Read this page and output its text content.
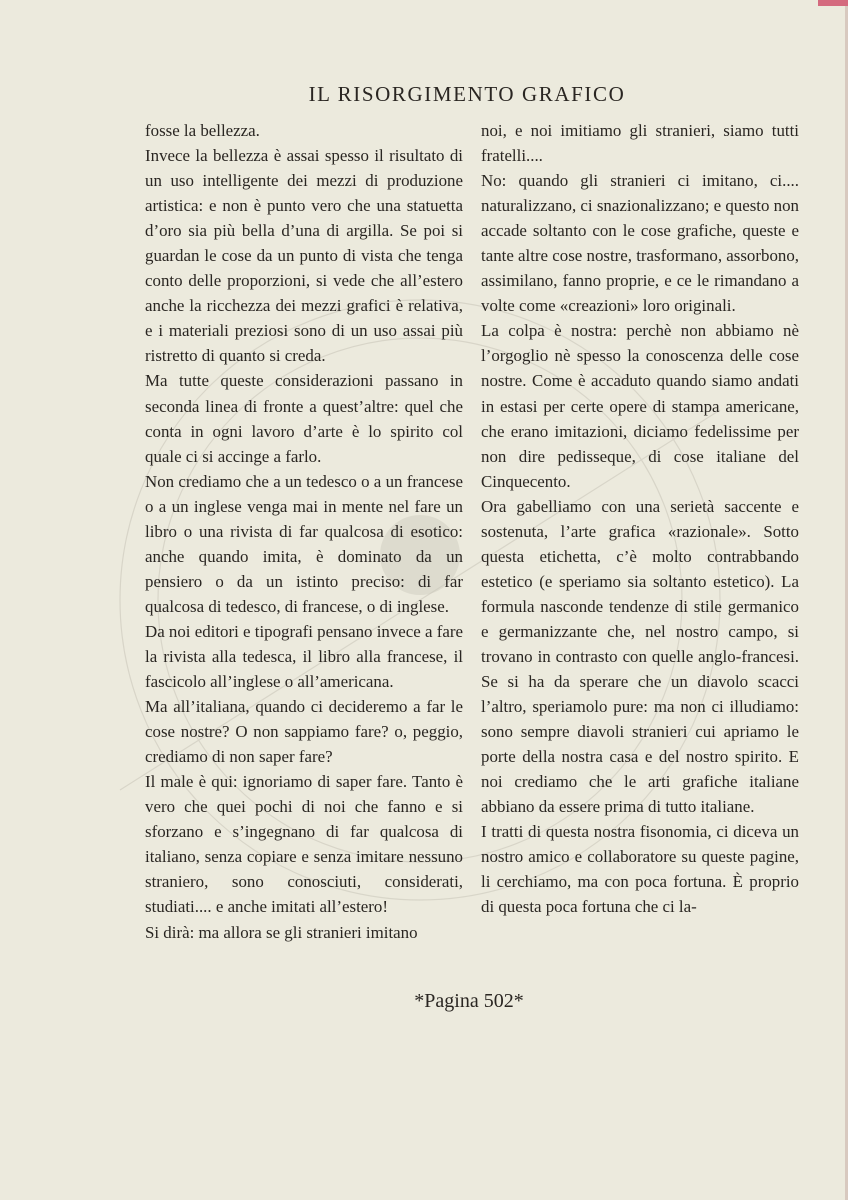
IL RISORGIMENTO GRAFICO

fosse la bellezza.

Invece la bellezza è assai spesso il risultato di un uso intelligente dei mezzi di produzione artistica: e non è punto vero che una statuetta d’oro sia più bella d’una di argilla. Se poi si guardan le cose da un punto di vista che tenga conto delle proporzioni, si vede che all’estero anche la ricchezza dei mezzi grafici è relativa, e i materiali preziosi sono di un uso assai più ristretto di quanto si creda.

Ma tutte queste considerazioni passano in seconda linea di fronte a quest’altre: quel che conta in ogni lavoro d’arte è lo spirito col quale ci si accinge a farlo.

Non crediamo che a un tedesco o a un francese o a un inglese venga mai in mente nel fare un libro o una rivista di far qualcosa di esotico: anche quando imita, è dominato da un pensiero o da un istinto preciso: di far qualcosa di tedesco, di francese, o di inglese.

Da noi editori e tipografi pensano invece a fare la rivista alla tedesca, il libro alla francese, il fascicolo all’inglese o all’americana.

Ma all’italiana, quando ci decideremo a far le cose nostre? O non sappiamo fare? o, peggio, crediamo di non saper fare?

Il male è qui: ignoriamo di saper fare. Tanto è vero che quei pochi di noi che fanno e si sforzano e s’ingegnano di far qualcosa di italiano, senza copiare e senza imitare nessuno straniero, sono conosciuti, considerati, studiati.... e anche imitati all’estero!

Si dirà: ma allora se gli stranieri imitano

noi, e noi imitiamo gli stranieri, siamo tutti fratelli....

No: quando gli stranieri ci imitano, ci.... naturalizzano, ci snazionalizzano; e questo non accade soltanto con le cose grafiche, queste e tante altre cose nostre, trasformano, assorbono, assimilano, fanno proprie, e ce le rimandano a volte come «creazioni» loro originali.

La colpa è nostra: perchè non abbiamo nè l’orgoglio nè spesso la conoscenza delle cose nostre. Come è accaduto quando siamo andati in estasi per certe opere di stampa americane, che erano imitazioni, diciamo fedelissime per non dire pedisseque, di cose italiane del Cinquecento.

Ora gabelliamo con una serietà saccente e sostenuta, l’arte grafica «razionale». Sotto questa etichetta, c’è molto contrabbando estetico (e speriamo sia soltanto estetico). La formula nasconde tendenze di stile germanico e germanizzante che, nel nostro campo, si trovano in contrasto con quelle anglo-francesi. Se si ha da sperare che un diavolo scacci l’altro, speriamolo pure: ma non ci illudiamo: sono sempre diavoli stranieri cui apriamo le porte della nostra casa e del nostro spirito. E noi crediamo che le arti grafiche italiane abbiano da essere prima di tutto italiane.

I tratti di questa nostra fisonomia, ci diceva un nostro amico e collaboratore su queste pagine, li cerchiamo, ma con poca fortuna. È proprio di questa poca fortuna che ci la-

*Pagina 502*
